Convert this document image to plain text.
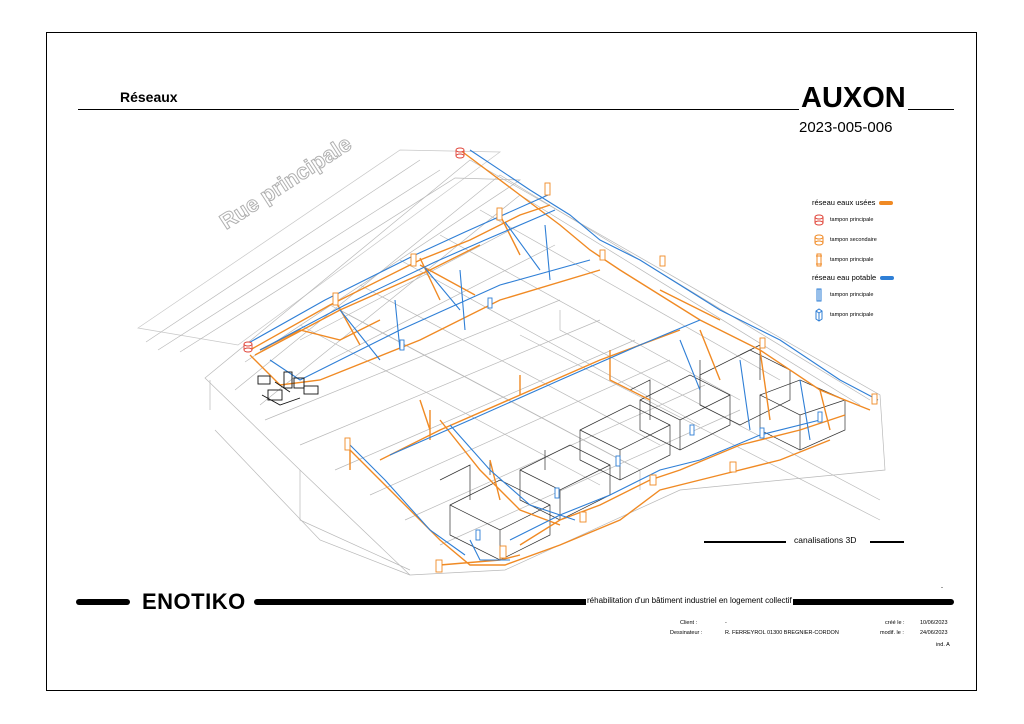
Réseaux	AUXON
2023-005-006
Rue principale	réseau eaux usées
tampon principale
tampon secondaire
tampon principale
réseau eau potable
tampon principale
tampon principale
canalisations 3D
-
ENOTIKO	réhabilitation d'un bâtiment industriel en logement collectif
Client :	-
Dessinateur :	R. FERREYROL 01300 BREGNIER-CORDON
créé le :	10/06/2023
modif. le :	24/06/2023
ind. A
